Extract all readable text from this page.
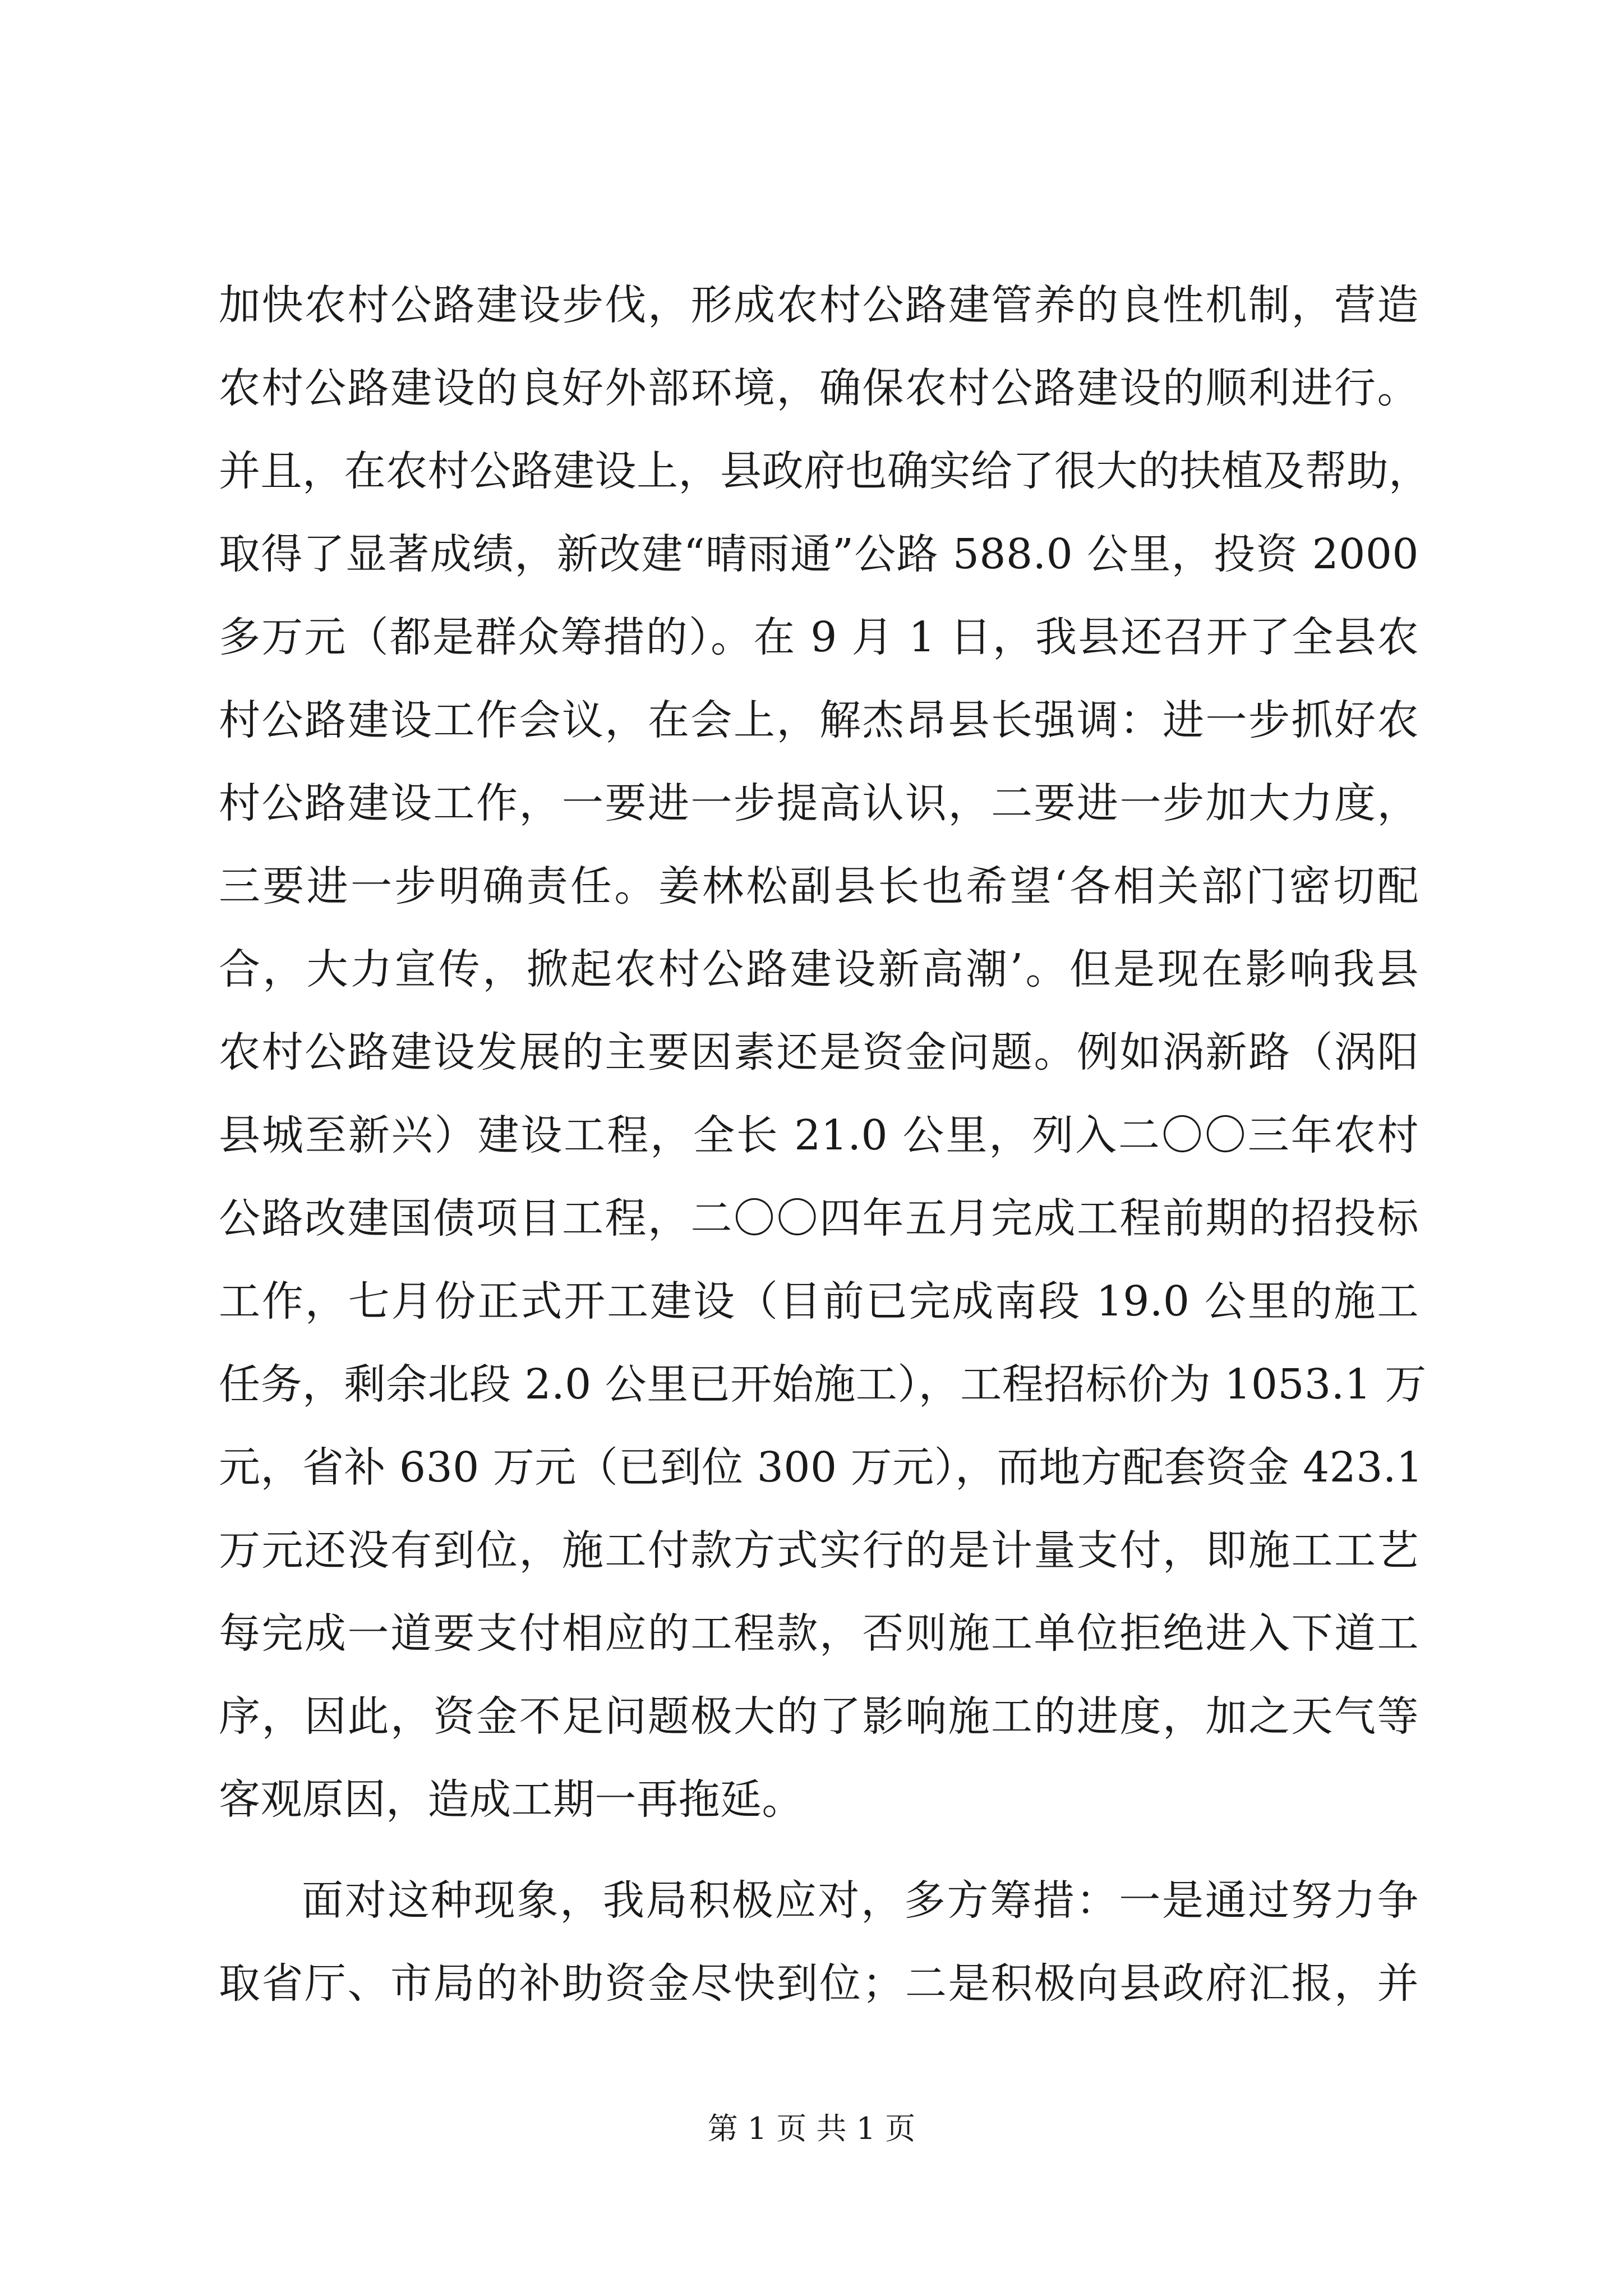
加快农村公路建设步伐，形成农村公路建管养的良性机制，营造
农村公路建设的良好外部环境，确保农村公路建设的顺利进行。
并且，在农村公路建设上，县政府也确实给了很大的扶植及帮助，
取得了显著成绩，新改建“晴雨通”公路 588.0 公里，投资 2000
多万元（都是群众筹措的）。在 9 月 1 日，我县还召开了全县农
村公路建设工作会议，在会上，解杰昂县长强调：进一步抓好农
村公路建设工作，一要进一步提高认识，二要进一步加大力度，
三要进一步明确责任。姜林松副县长也希望‘各相关部门密切配
合，大力宣传，掀起农村公路建设新高潮’。但是现在影响我县
农村公路建设发展的主要因素还是资金问题。例如涡新路（涡阳
县城至新兴）建设工程，全长 21.0 公里，列入二〇〇三年农村
公路改建国债项目工程，二〇〇四年五月完成工程前期的招投标
工作，七月份正式开工建设（目前已完成南段 19.0 公里的施工
任务，剩余北段 2.0 公里已开始施工），工程招标价为 1053.1 万
元，省补 630 万元（已到位 300 万元），而地方配套资金 423.1
万元还没有到位，施工付款方式实行的是计量支付，即施工工艺
每完成一道要支付相应的工程款，否则施工单位拒绝进入下道工
序，因此，资金不足问题极大的了影响施工的进度，加之天气等
客观原因，造成工期一再拖延。
面对这种现象，我局积极应对，多方筹措：一是通过努力争
取省厅、市局的补助资金尽快到位；二是积极向县政府汇报，并
第 1 页 共 1 页
